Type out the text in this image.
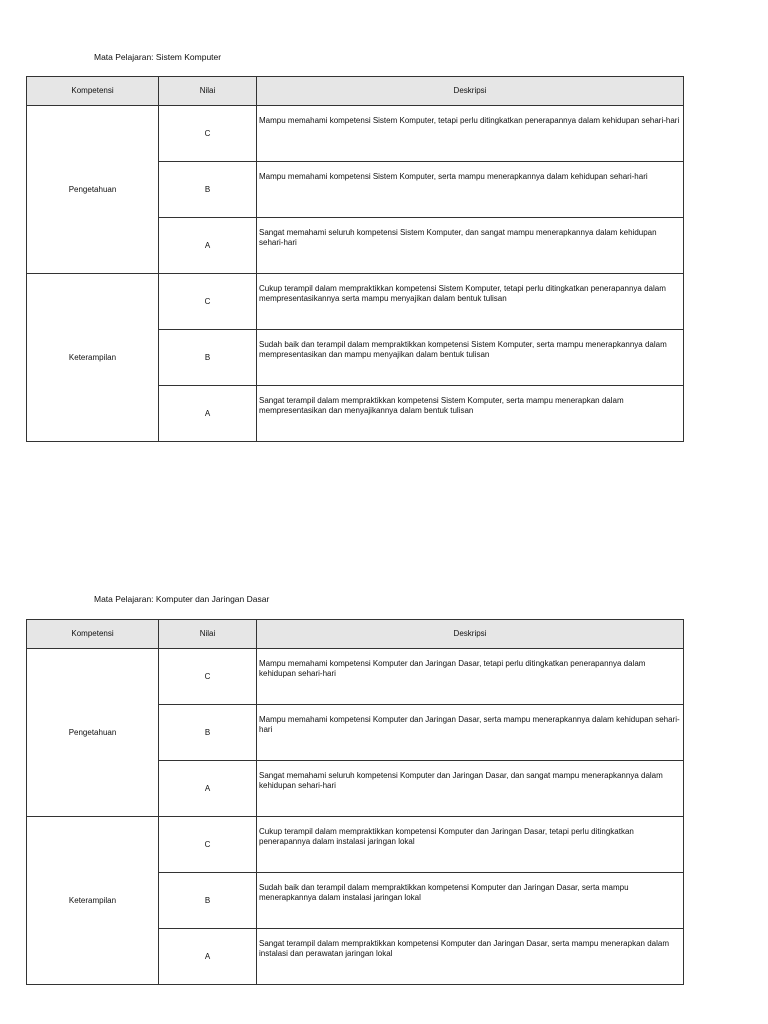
Mata Pelajaran: Sistem Komputer
Kompetensi	Nilai	Deskripsi
Pengetahuan	C	Mampu memahami kompetensi Sistem Komputer, tetapi perlu ditingkatkan penerapannya dalam kehidupan sehari-hari
	B	Mampu memahami kompetensi Sistem Komputer, serta mampu menerapkannya dalam kehidupan sehari-hari
	A	Sangat memahami seluruh kompetensi Sistem Komputer, dan sangat mampu menerapkannya dalam kehidupan sehari-hari
Keterampilan	C	Cukup terampil dalam mempraktikkan kompetensi Sistem Komputer, tetapi perlu ditingkatkan penerapannya dalam mempresentasikannya serta mampu menyajikan dalam bentuk tulisan
	B	Sudah baik dan terampil dalam mempraktikkan kompetensi Sistem Komputer, serta mampu menerapkannya dalam mempresentasikan dan mampu menyajikan dalam bentuk tulisan
	A	Sangat terampil dalam mempraktikkan kompetensi Sistem Komputer, serta mampu menerapkan dalam mempresentasikan dan menyajikannya dalam bentuk tulisan
Mata Pelajaran: Komputer dan Jaringan Dasar
Kompetensi	Nilai	Deskripsi
Pengetahuan	C	Mampu memahami kompetensi Komputer dan Jaringan Dasar, tetapi perlu ditingkatkan penerapannya dalam kehidupan sehari-hari
	B	Mampu memahami kompetensi Komputer dan Jaringan Dasar, serta mampu menerapkannya dalam kehidupan sehari-hari
	A	Sangat memahami seluruh kompetensi Komputer dan Jaringan Dasar, dan sangat mampu menerapkannya dalam kehidupan sehari-hari
Keterampilan	C	Cukup terampil dalam mempraktikkan kompetensi Komputer dan Jaringan Dasar, tetapi perlu ditingkatkan penerapannya dalam instalasi jaringan lokal
	B	Sudah baik dan terampil dalam mempraktikkan kompetensi Komputer dan Jaringan Dasar, serta mampu menerapkannya dalam instalasi jaringan lokal
	A	Sangat terampil dalam mempraktikkan kompetensi Komputer dan Jaringan Dasar, serta mampu menerapkan dalam instalasi dan perawatan jaringan lokal
